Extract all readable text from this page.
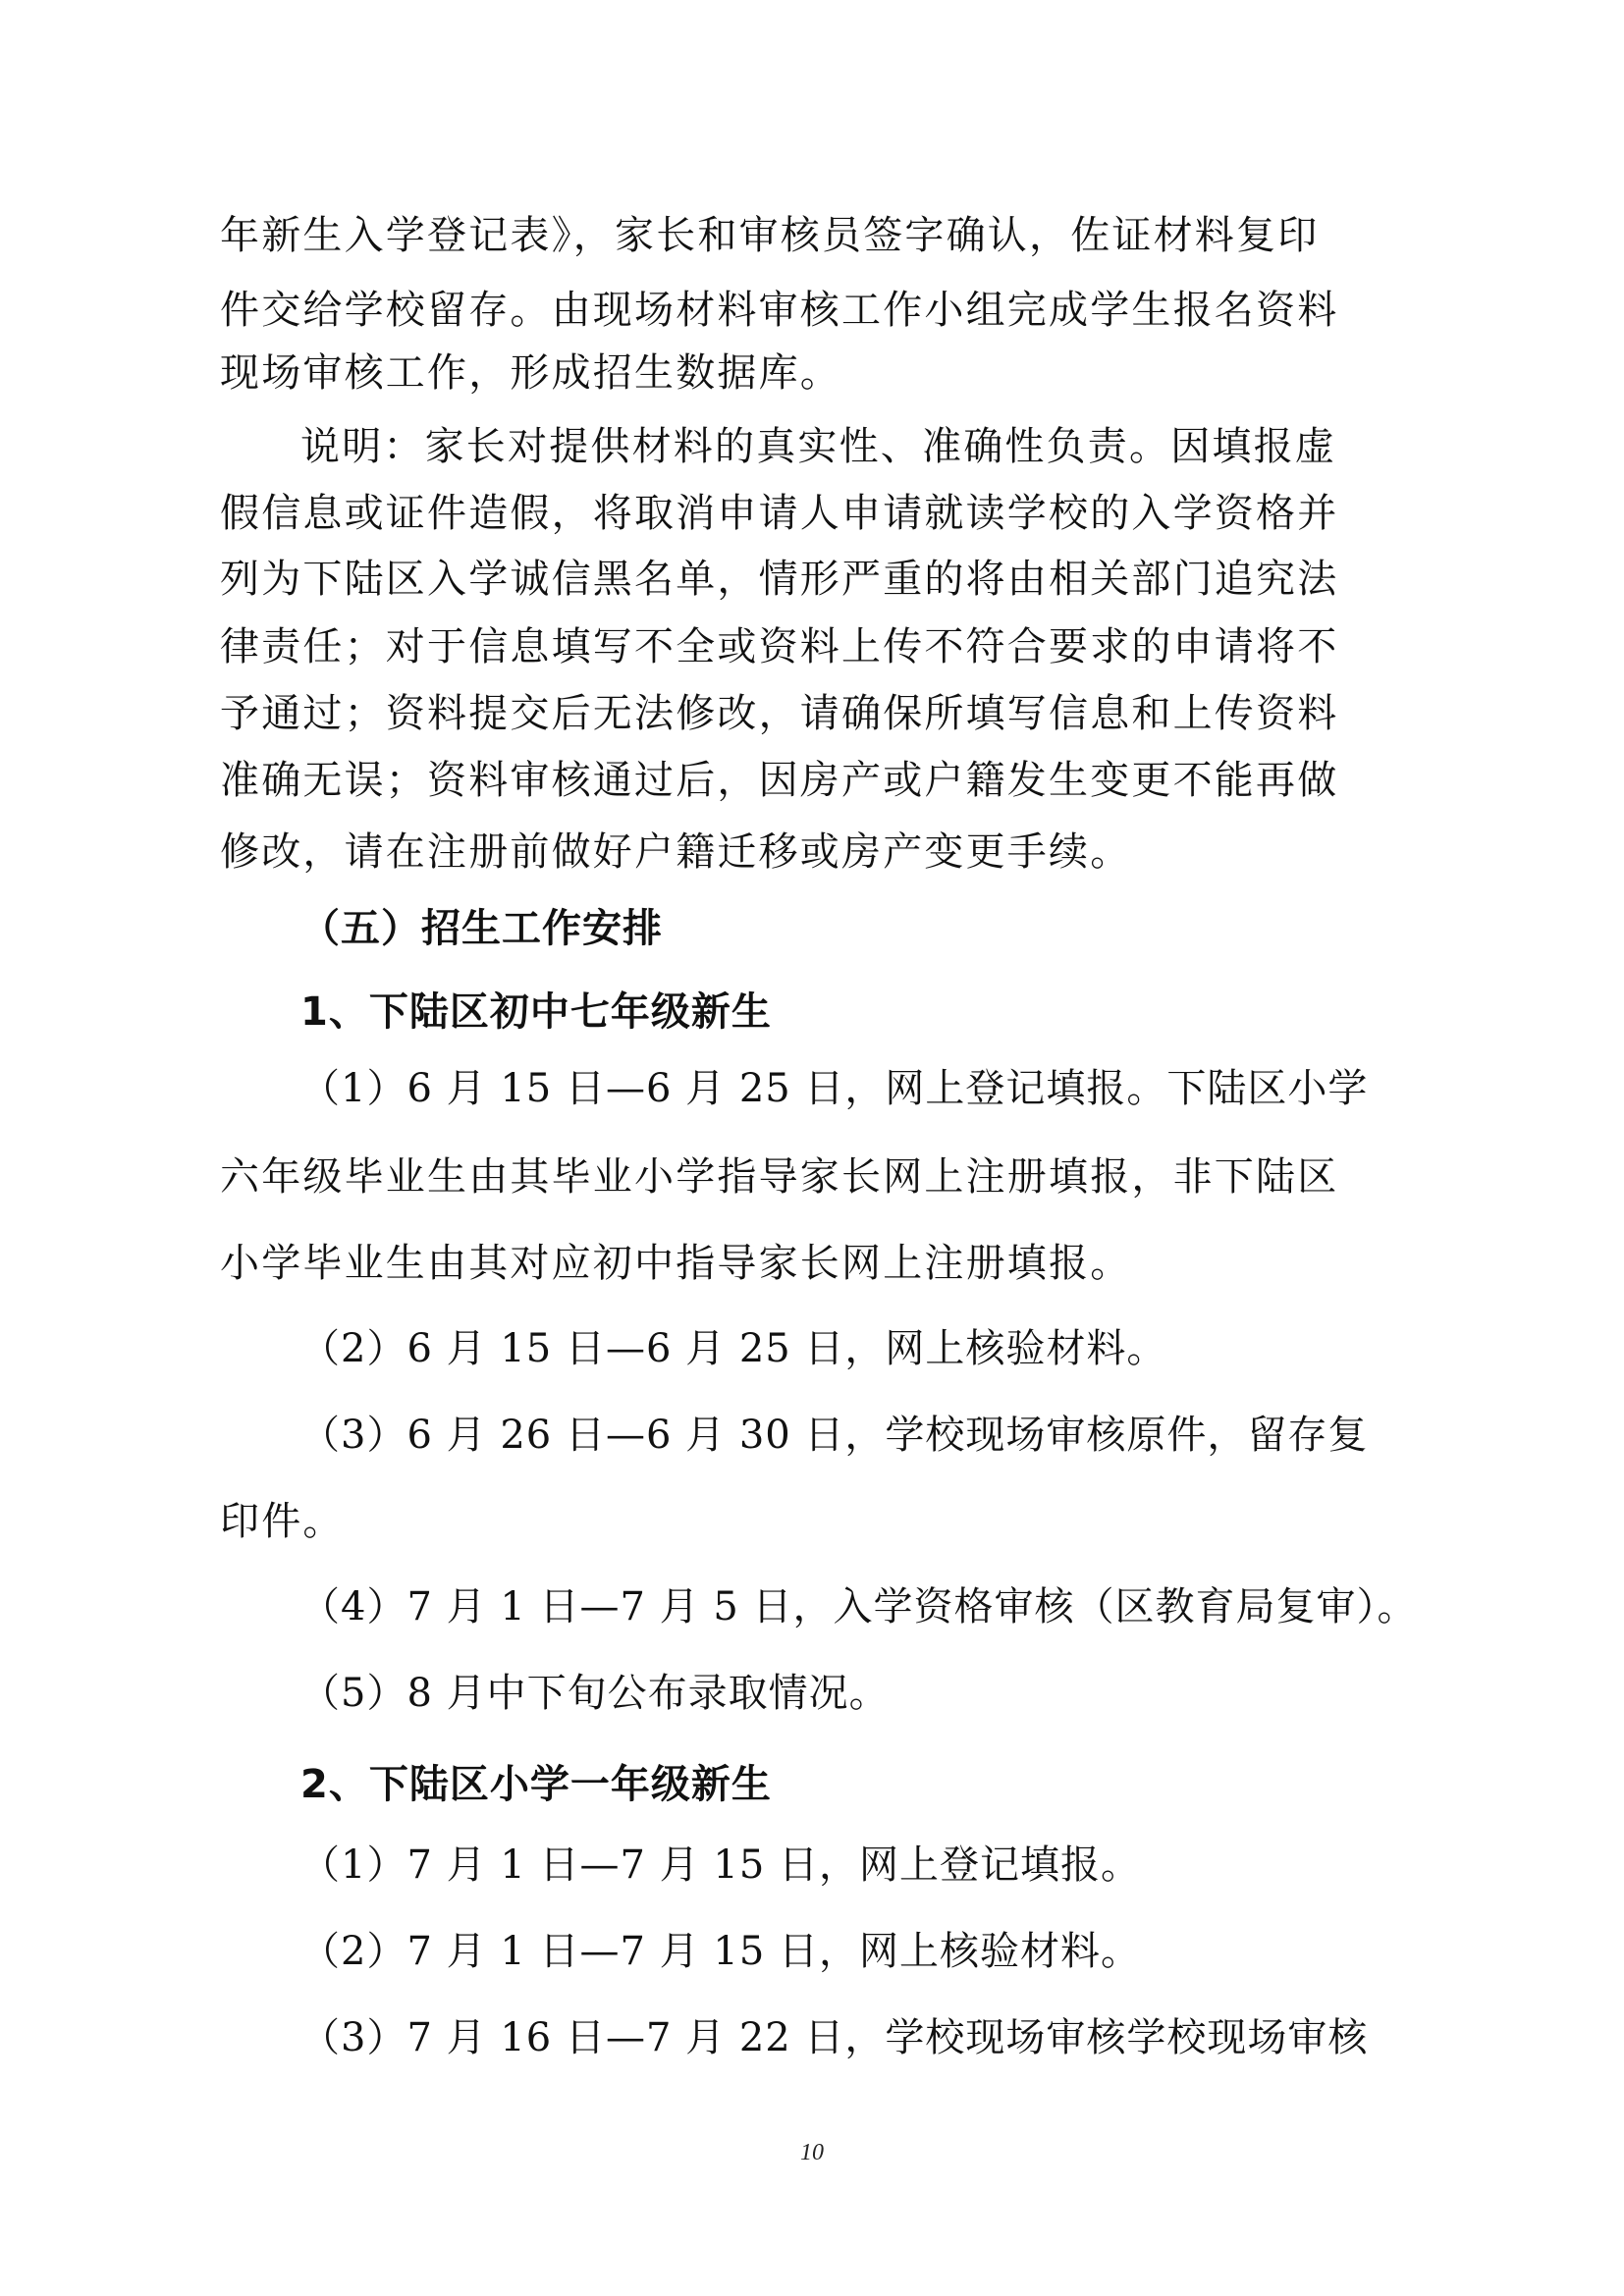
年新生入学登记表》，家长和审核员签字确认，佐证材料复印

件交给学校留存。由现场材料审核工作小组完成学生报名资料

现场审核工作，形成招生数据库。

说明：家长对提供材料的真实性、准确性负责。因填报虚

假信息或证件造假，将取消申请人申请就读学校的入学资格并

列为下陆区入学诚信黑名单，情形严重的将由相关部门追究法

律责任；对于信息填写不全或资料上传不符合要求的申请将不

予通过；资料提交后无法修改，请确保所填写信息和上传资料

准确无误；资料审核通过后，因房产或户籍发生变更不能再做

修改，请在注册前做好户籍迁移或房产变更手续。

（五）招生工作安排

1、下陆区初中七年级新生

（1）6 月 15 日—6 月 25 日，网上登记填报。下陆区小学

六年级毕业生由其毕业小学指导家长网上注册填报，非下陆区

小学毕业生由其对应初中指导家长网上注册填报。

（2）6 月 15 日—6 月 25 日，网上核验材料。

（3）6 月 26 日—6 月 30 日，学校现场审核原件，留存复

印件。

（4）7 月 1 日—7 月 5 日，入学资格审核（区教育局复审）。

（5）8 月中下旬公布录取情况。

2、下陆区小学一年级新生

（1）7 月 1 日—7 月 15 日，网上登记填报。

（2）7 月 1 日—7 月 15 日，网上核验材料。

（3）7 月 16 日—7 月 22 日，学校现场审核学校现场审核

10
